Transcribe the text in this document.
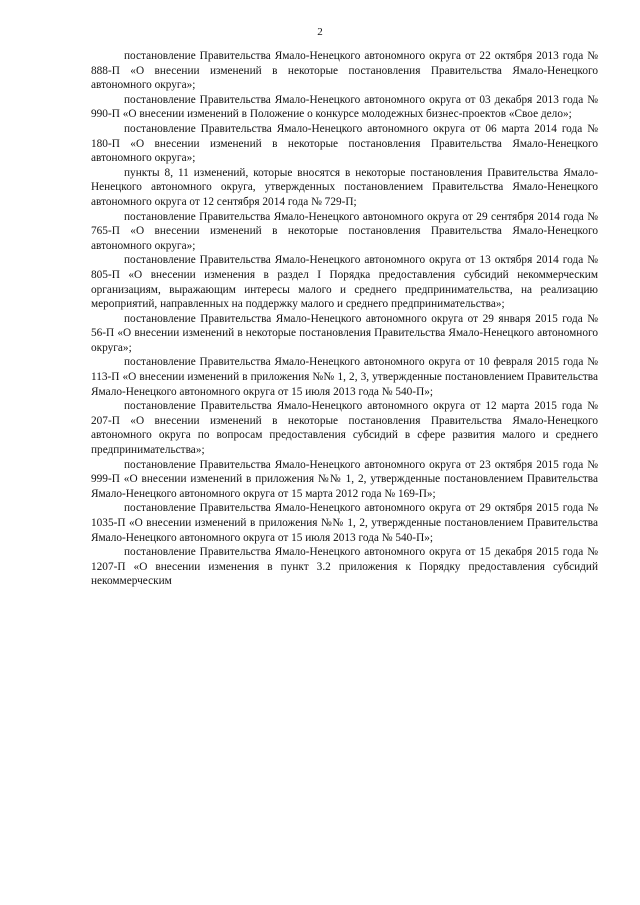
2

постановление Правительства Ямало-Ненецкого автономного округа от 22 октября 2013 года № 888-П «О внесении изменений в некоторые постановления Правительства Ямало-Ненецкого автономного округа»;

постановление Правительства Ямало-Ненецкого автономного округа от 03 декабря 2013 года № 990-П «О внесении изменений в Положение о конкурсе молодежных бизнес-проектов «Свое дело»;

постановление Правительства Ямало-Ненецкого автономного округа от 06 марта 2014 года № 180-П «О внесении изменений в некоторые постановления Правительства Ямало-Ненецкого автономного округа»;

пункты 8, 11 изменений, которые вносятся в некоторые постановления Правительства Ямало-Ненецкого автономного округа, утвержденных постановлением Правительства Ямало-Ненецкого автономного округа от 12 сентября 2014 года № 729-П;

постановление Правительства Ямало-Ненецкого автономного округа от 29 сентября 2014 года № 765-П «О внесении изменений в некоторые постановления Правительства Ямало-Ненецкого автономного округа»;

постановление Правительства Ямало-Ненецкого автономного округа от 13 октября 2014 года № 805-П «О внесении изменения в раздел I Порядка предоставления субсидий некоммерческим организациям, выражающим интересы малого и среднего предпринимательства, на реализацию мероприятий, направленных на поддержку малого и среднего предпринимательства»;

постановление Правительства Ямало-Ненецкого автономного округа от 29 января 2015 года № 56-П «О внесении изменений в некоторые постановления Правительства Ямало-Ненецкого автономного округа»;

постановление Правительства Ямало-Ненецкого автономного округа от 10 февраля 2015 года № 113-П «О внесении изменений в приложения №№ 1, 2, 3, утвержденные постановлением Правительства Ямало-Ненецкого автономного округа от 15 июля 2013 года № 540-П»;

постановление Правительства Ямало-Ненецкого автономного округа от 12 марта 2015 года № 207-П «О внесении изменений в некоторые постановления Правительства Ямало-Ненецкого автономного округа по вопросам предоставления субсидий в сфере развития малого и среднего предпринимательства»;

постановление Правительства Ямало-Ненецкого автономного округа от 23 октября 2015 года № 999-П «О внесении изменений в приложения №№ 1, 2, утвержденные постановлением Правительства Ямало-Ненецкого автономного округа от 15 марта 2012 года № 169-П»;

постановление Правительства Ямало-Ненецкого автономного округа от 29 октября 2015 года № 1035-П «О внесении изменений в приложения №№ 1, 2, утвержденные постановлением Правительства Ямало-Ненецкого автономного округа от 15 июля 2013 года № 540-П»;

постановление Правительства Ямало-Ненецкого автономного округа от 15 декабря 2015 года № 1207-П «О внесении изменения в пункт 3.2 приложения к Порядку предоставления субсидий некоммерческим
